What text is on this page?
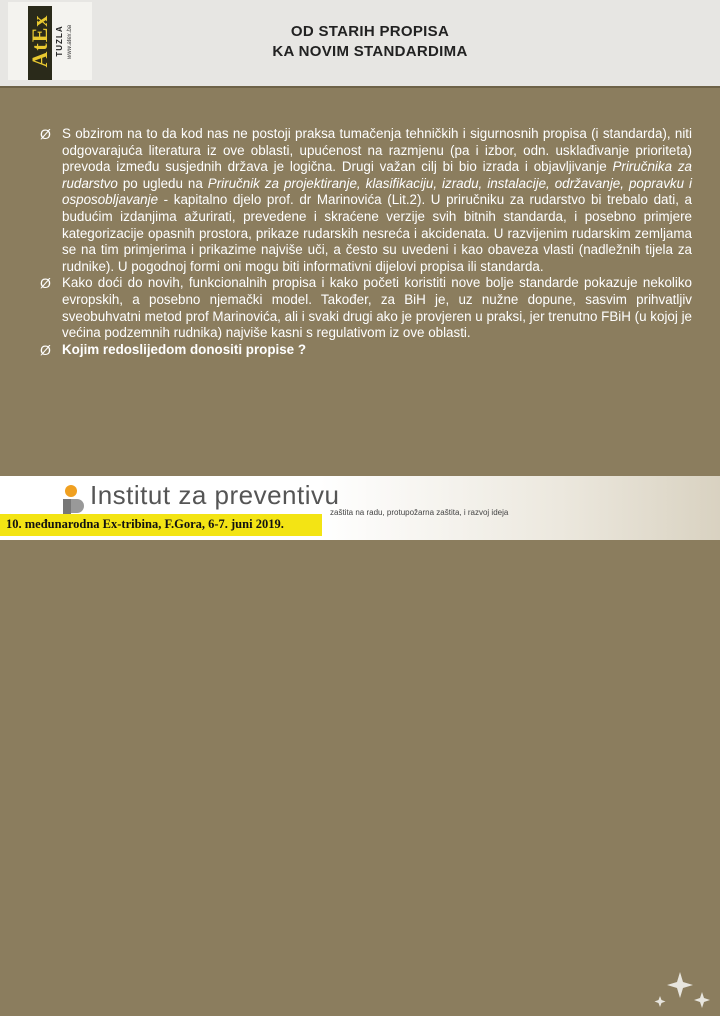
AtEx TUZLA www.atex.ba	OD STARIH PROPISA
KA NOVIM STANDARDIMA
Ø S obzirom na to da kod nas ne postoji praksa tumačenja tehničkih i sigurnosnih propisa (i standarda), niti odgovarajuća literatura iz ove oblasti, upućenost na razmjenu (pa i izbor, odn. usklađivanje prioriteta) prevoda između susjednih država je logična. Drugi važan cilj bi bio izrada i objavljivanje Priručnika za rudarstvo po ugledu na Priručnik za projektiranje, klasifikaciju, izradu, instalacije, održavanje, popravku i osposobljavanje - kapitalno djelo prof. dr Marinovića (Lit.2). U priručniku za rudarstvo bi trebalo dati, a budućim izdanjima ažurirati, prevedene i skraćene verzije svih bitnih standarda, i posebno primjere kategorizacije opasnih prostora, prikaze rudarskih nesreća i akcidenata. U razvijenim rudarskim zemljama se na tim primjerima i prikazime najviše uči, a često su uvedeni i kao obaveza vlasti (nadležnih tijela za rudnike). U pogodnoj formi oni mogu biti informativni dijelovi propisa ili standarda.
Ø Kako doći do novih, funkcionalnih propisa i kako početi koristiti nove bolje standarde pokazuje nekoliko evropskih, a posebno njemački model. Također, za BiH je, uz nužne dopune, sasvim prihvatljiv sveobuhvatni metod prof Marinovića, ali i svaki drugi ako je provjeren u praksi, jer trenutno FBiH (u kojoj je većina podzemnih rudnika) najviše kasni s regulativom iz ove oblasti.
Ø Kojim redoslijedom donositi propise ?
Institut za preventivu
zaštita na radu, protupožarna zaštita, i razvoj ideja
10. međunarodna Ex-tribina, F.Gora, 6-7. juni 2019.
